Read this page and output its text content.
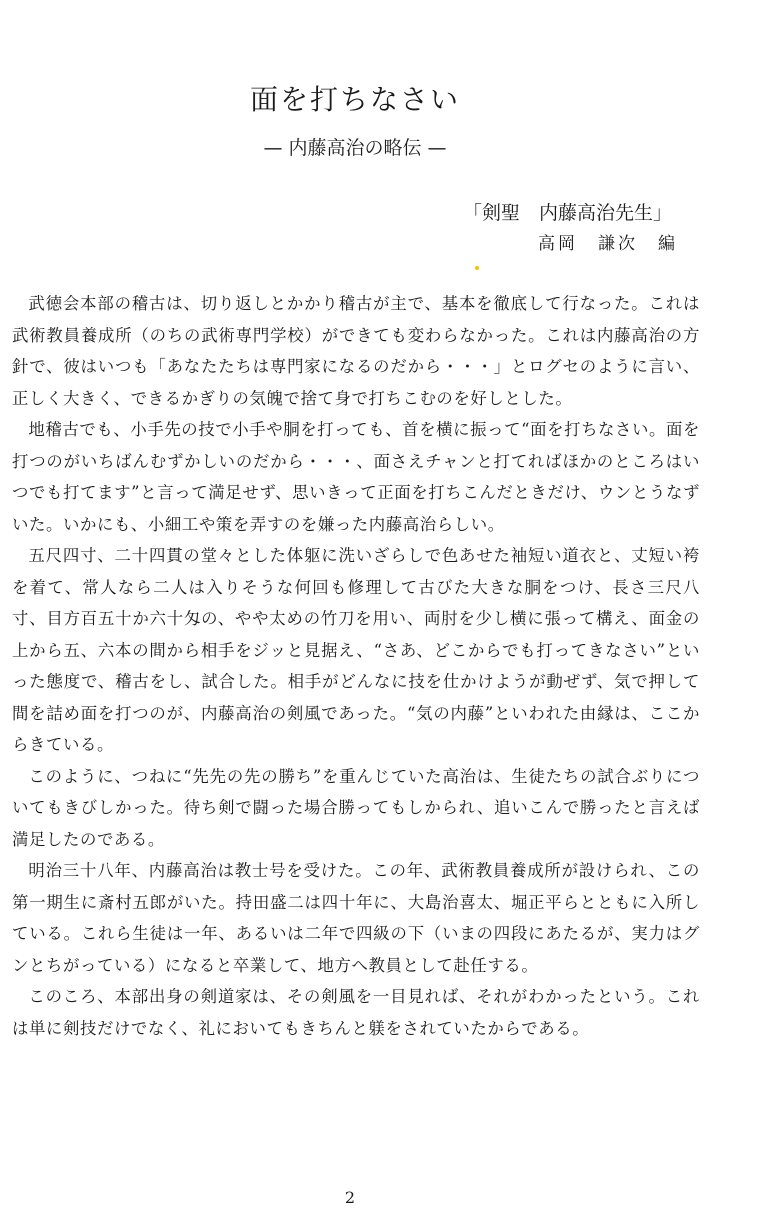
面を打ちなさい
— 内藤高治の略伝 —

「剣聖　内藤高治先生」

高岡　謙次　編

武徳会本部の稽古は、切り返しとかかり稽古が主で、基本を徹底して行なった。これは武術教員養成所（のちの武術専門学校）ができても変わらなかった。これは内藤高治の方針で、彼はいつも「あなたたちは専門家になるのだから・・・」とログセのように言い、正しく大きく、できるかぎりの気魄で捨て身で打ちこむのを好しとした。

地稽古でも、小手先の技で小手や胴を打っても、首を横に振って“面を打ちなさい。面を打つのがいちばんむずかしいのだから・・・、面さえチャンと打てればほかのところはいつでも打てます”と言って満足せず、思いきって正面を打ちこんだときだけ、ウンとうなずいた。いかにも、小細工や策を弄すのを嫌った内藤高治らしい。

五尺四寸、二十四貫の堂々とした体躯に洗いざらしで色あせた袖短い道衣と、丈短い袴を着て、常人なら二人は入りそうな何回も修理して古びた大きな胴をつけ、長さ三尺八寸、目方百五十か六十匁の、やや太めの竹刀を用い、両肘を少し横に張って構え、面金の上から五、六本の間から相手をジッと見据え、“さあ、どこからでも打ってきなさい”といった態度で、稽古をし、試合した。相手がどんなに技を仕かけようが動ぜず、気で押して間を詰め面を打つのが、内藤高治の剣風であった。“気の内藤”といわれた由縁は、ここからきている。

このように、つねに“先先の先の勝ち”を重んじていた高治は、生徒たちの試合ぶりについてもきびしかった。待ち剣で闘った場合勝ってもしかられ、追いこんで勝ったと言えば満足したのである。

明治三十八年、内藤高治は教士号を受けた。この年、武術教員養成所が設けられ、この第一期生に斎村五郎がいた。持田盛二は四十年に、大島治喜太、堀正平らとともに入所している。これら生徒は一年、あるいは二年で四級の下（いまの四段にあたるが、実力はグンとちがっている）になると卒業して、地方へ教員として赴任する。

このころ、本部出身の剣道家は、その剣風を一目見れば、それがわかったという。これは単に剣技だけでなく、礼においてもきちんと躾をされていたからである。

2
